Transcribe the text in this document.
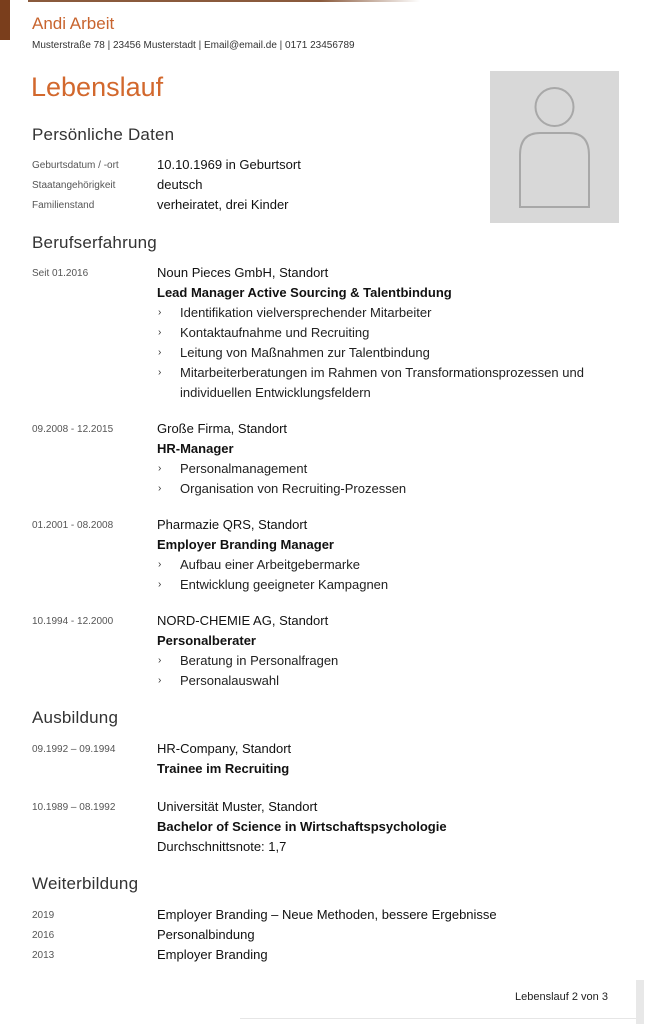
Andi Arbeit
Musterstraße 78 | 23456 Musterstadt | Email@email.de | 0171 23456789
Lebenslauf
Persönliche Daten
Geburtsdatum / -ort	10.10.1969 in Geburtsort
Staatangehörigkeit	deutsch
Familienstand	verheiratet, drei Kinder
Berufserfahrung
Seit 01.2016	Noun Pieces GmbH, Standort
Lead Manager Active Sourcing & Talentbindung
› Identifikation vielversprechender Mitarbeiter
› Kontaktaufnahme und Recruiting
› Leitung von Maßnahmen zur Talentbindung
› Mitarbeiterberatungen im Rahmen von Transformationsprozessen und
individuellen Entwicklungsfeldern
09.2008 - 12.2015	Große Firma, Standort
HR-Manager
› Personalmanagement
› Organisation von Recruiting-Prozessen
01.2001 - 08.2008	Pharmazie QRS, Standort
Employer Branding Manager
› Aufbau einer Arbeitgebermarke
› Entwicklung geeigneter Kampagnen
10.1994 - 12.2000	NORD-CHEMIE AG, Standort
Personalberater
› Beratung in Personalfragen
› Personalauswahl
Ausbildung
09.1992 – 09.1994	HR-Company, Standort
Trainee im Recruiting
10.1989 – 08.1992	Universität Muster, Standort
Bachelor of Science in Wirtschaftspsychologie
Durchschnittsnote: 1,7
Weiterbildung
2019	Employer Branding – Neue Methoden, bessere Ergebnisse
2016	Personalbindung
2013	Employer Branding
Lebenslauf 2 von 3
